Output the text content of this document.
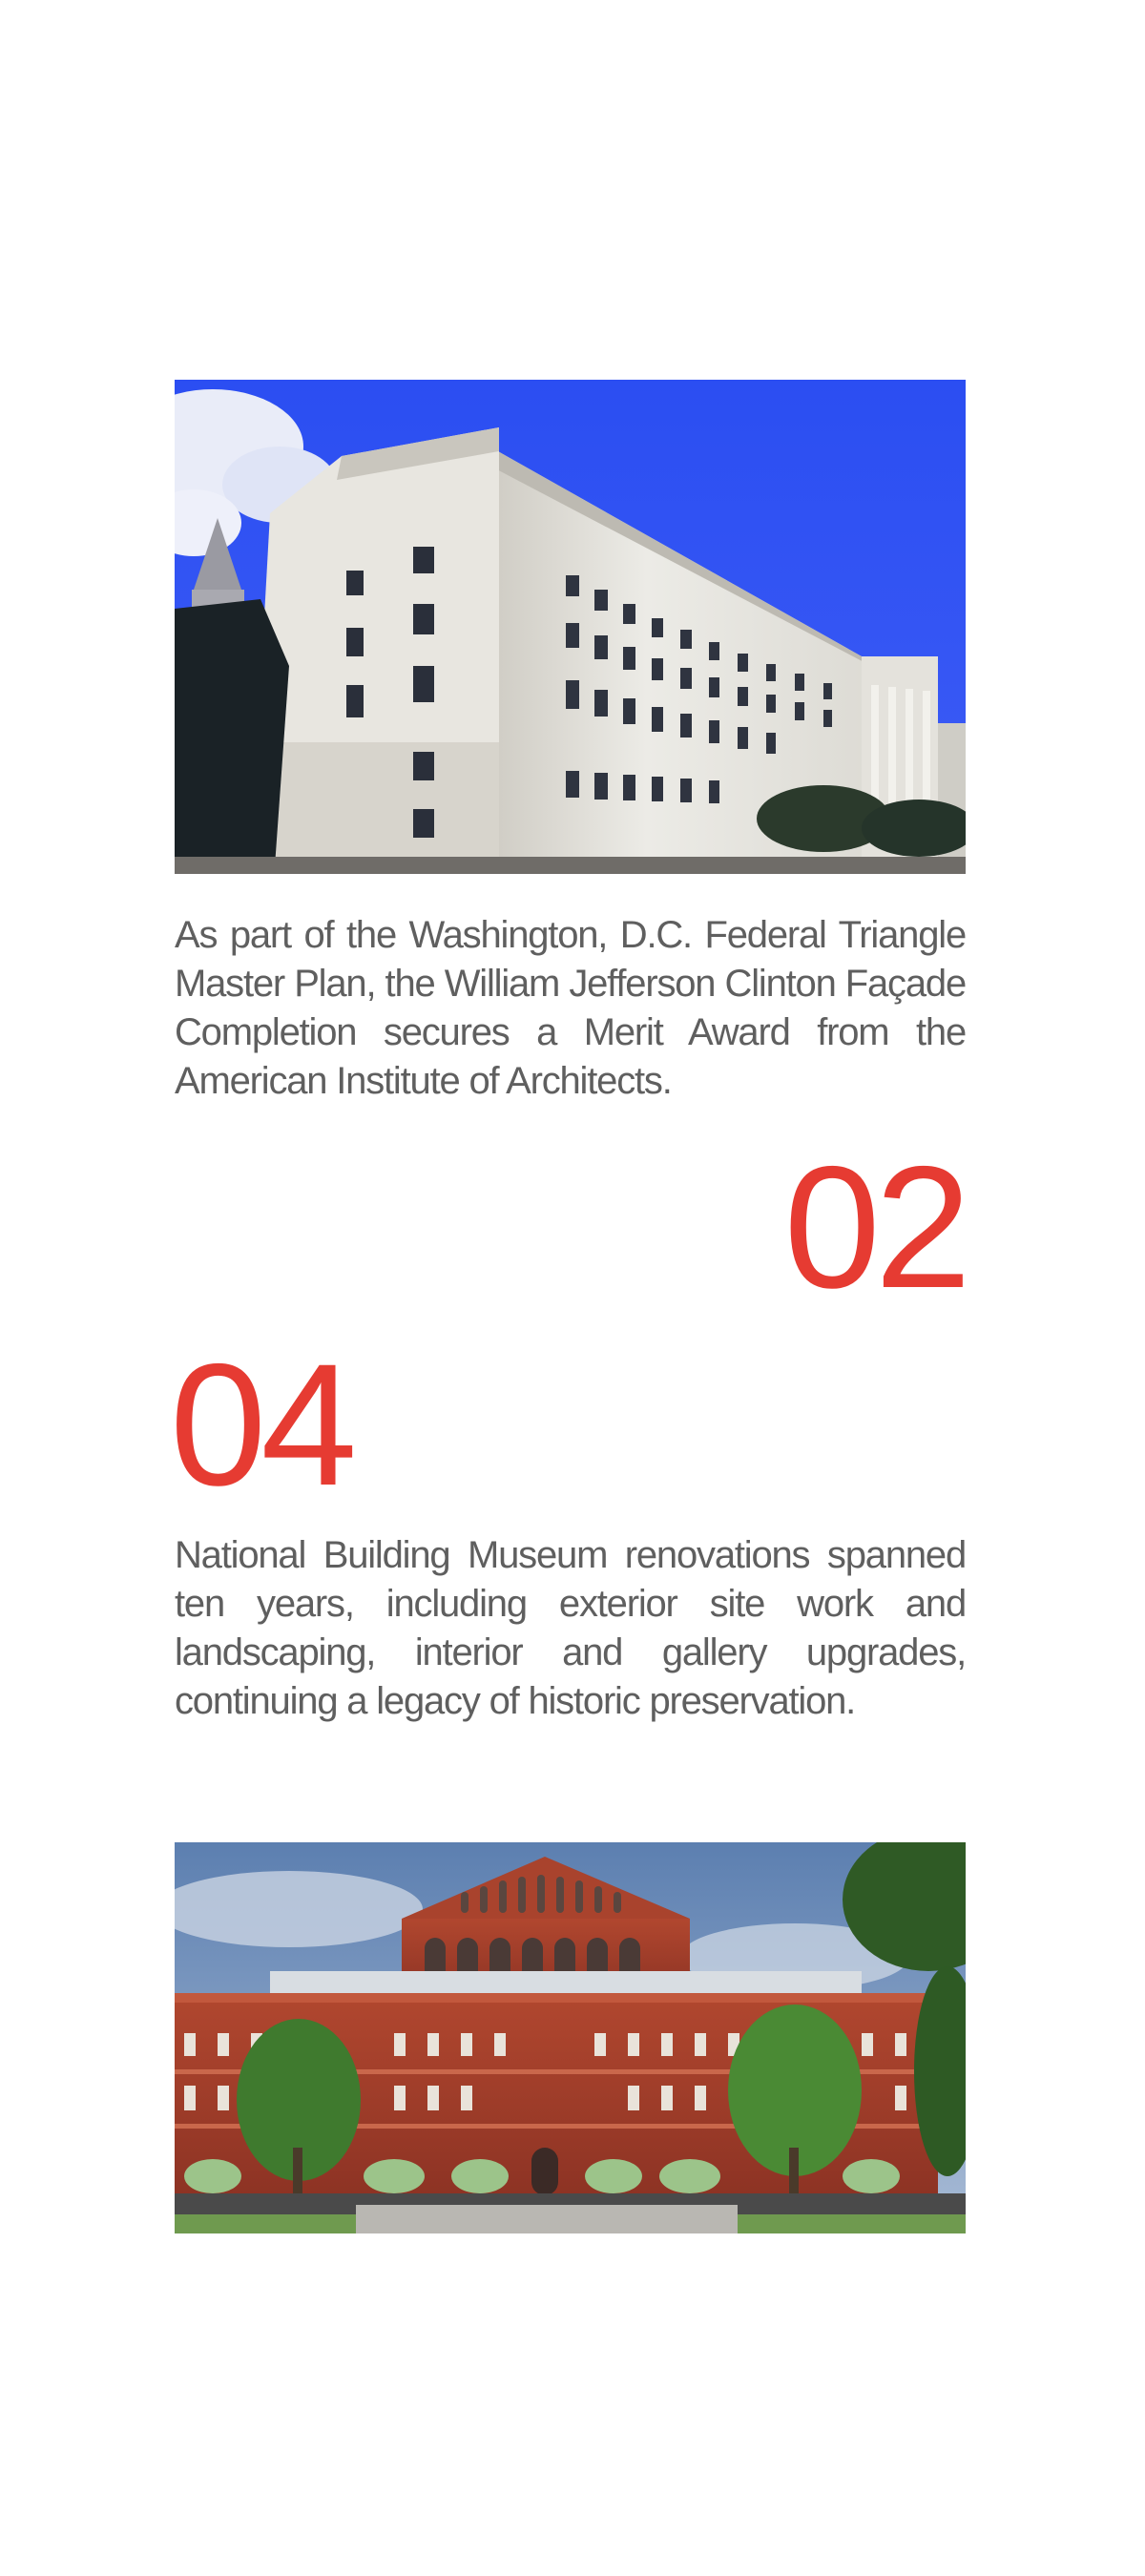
As part of the Washington, D.C. Federal Triangle Master Plan, the William Jefferson Clinton Façade Completion secures a Merit Award from the American Institute of Architects.

02
04

National Building Museum renovations spanned ten years, including exterior site work and landscaping, interior and gallery upgrades, continuing a legacy of historic preservation.
